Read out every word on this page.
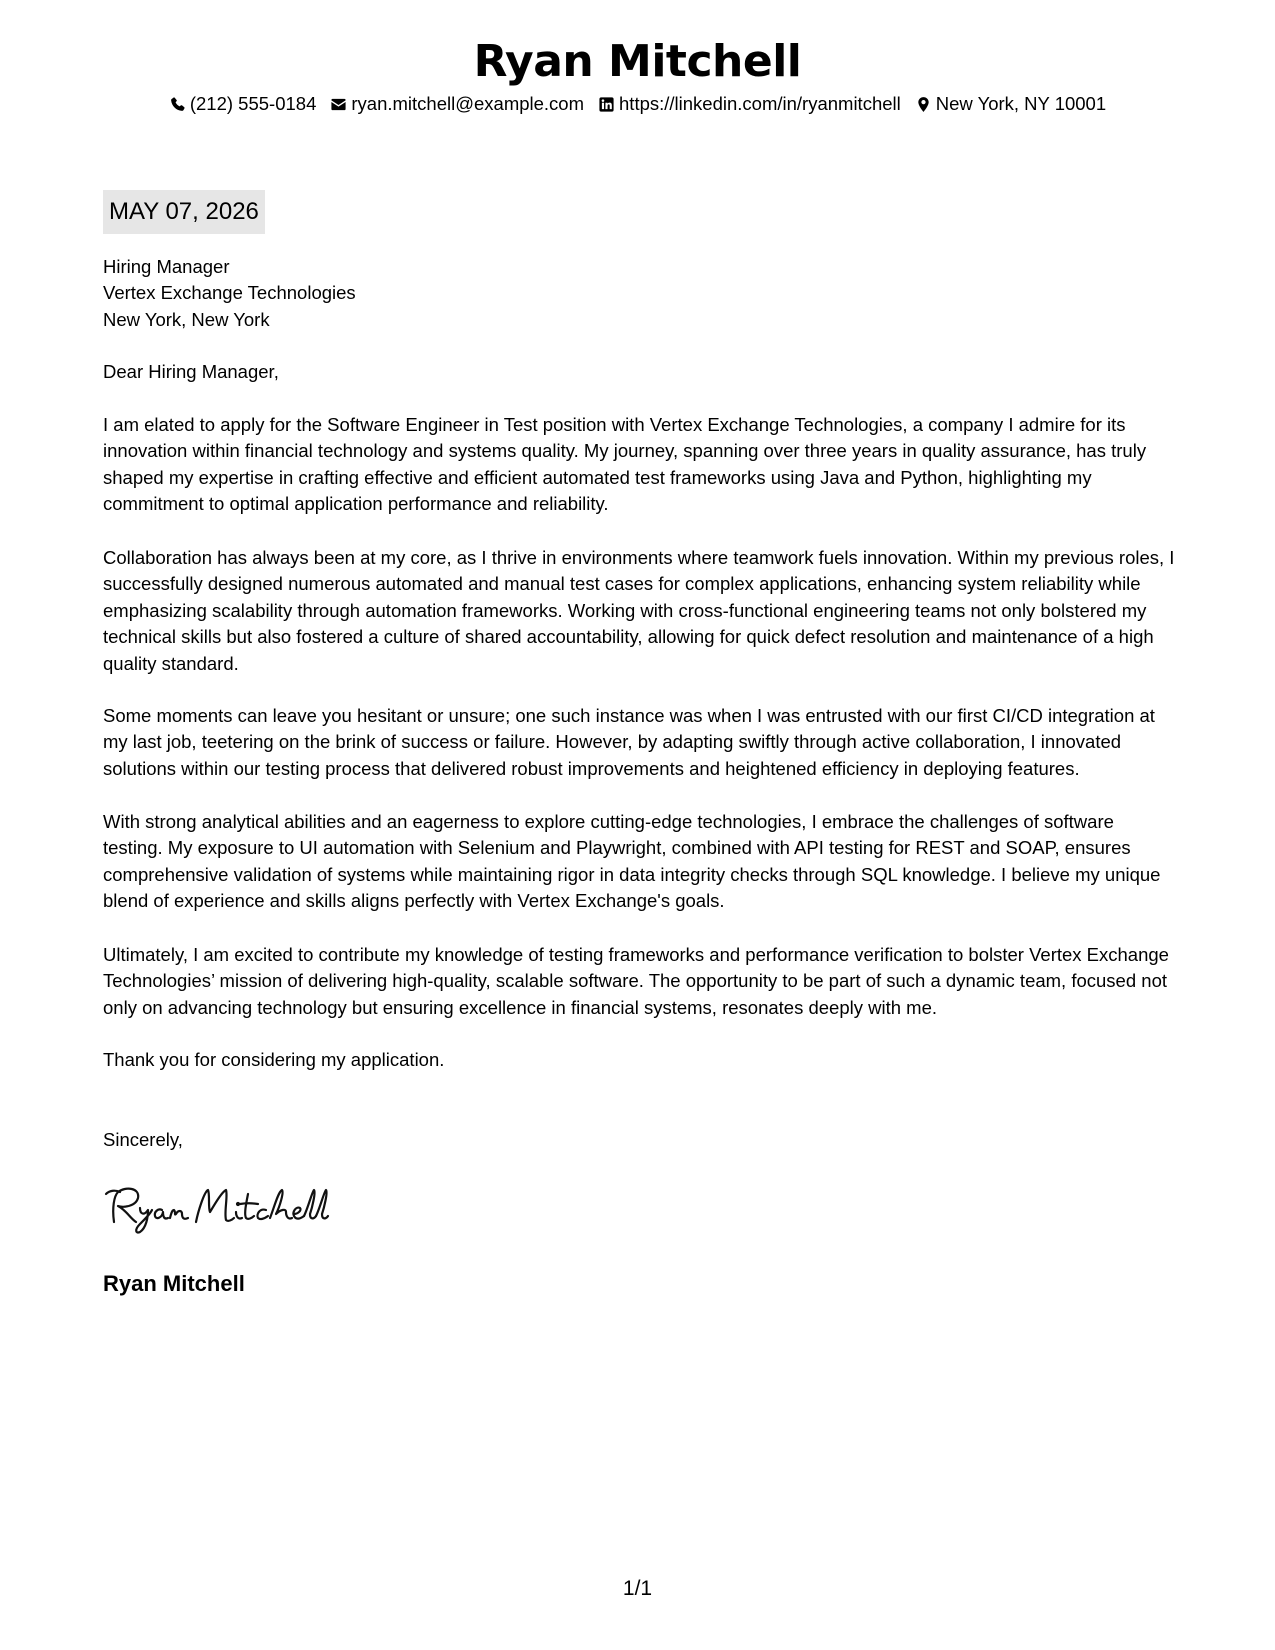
Ryan Mitchell
(212) 555-0184 ryan.mitchell@example.com https://linkedin.com/in/ryanmitchell New York, NY 10001
MAY 07, 2026
Hiring Manager
Vertex Exchange Technologies
New York, New York
Dear Hiring Manager,

I am elated to apply for the Software Engineer in Test position with Vertex Exchange Technologies, a company I admire for its innovation within financial technology and systems quality. My journey, spanning over three years in quality assurance, has truly shaped my expertise in crafting effective and efficient automated test frameworks using Java and Python, highlighting my commitment to optimal application performance and reliability.

Collaboration has always been at my core, as I thrive in environments where teamwork fuels innovation. Within my previous roles, I successfully designed numerous automated and manual test cases for complex applications, enhancing system reliability while emphasizing scalability through automation frameworks. Working with cross-functional engineering teams not only bolstered my technical skills but also fostered a culture of shared accountability, allowing for quick defect resolution and maintenance of a high quality standard.

Some moments can leave you hesitant or unsure; one such instance was when I was entrusted with our first CI/CD integration at my last job, teetering on the brink of success or failure. However, by adapting swiftly through active collaboration, I innovated solutions within our testing process that delivered robust improvements and heightened efficiency in deploying features.

With strong analytical abilities and an eagerness to explore cutting-edge technologies, I embrace the challenges of software testing. My exposure to UI automation with Selenium and Playwright, combined with API testing for REST and SOAP, ensures comprehensive validation of systems while maintaining rigor in data integrity checks through SQL knowledge. I believe my unique blend of experience and skills aligns perfectly with Vertex Exchange's goals.

Ultimately, I am excited to contribute my knowledge of testing frameworks and performance verification to bolster Vertex Exchange Technologies’ mission of delivering high-quality, scalable software. The opportunity to be part of such a dynamic team, focused not only on advancing technology but ensuring excellence in financial systems, resonates deeply with me.

Thank you for considering my application.

Sincerely,
Ryan Mitchell
1/1
